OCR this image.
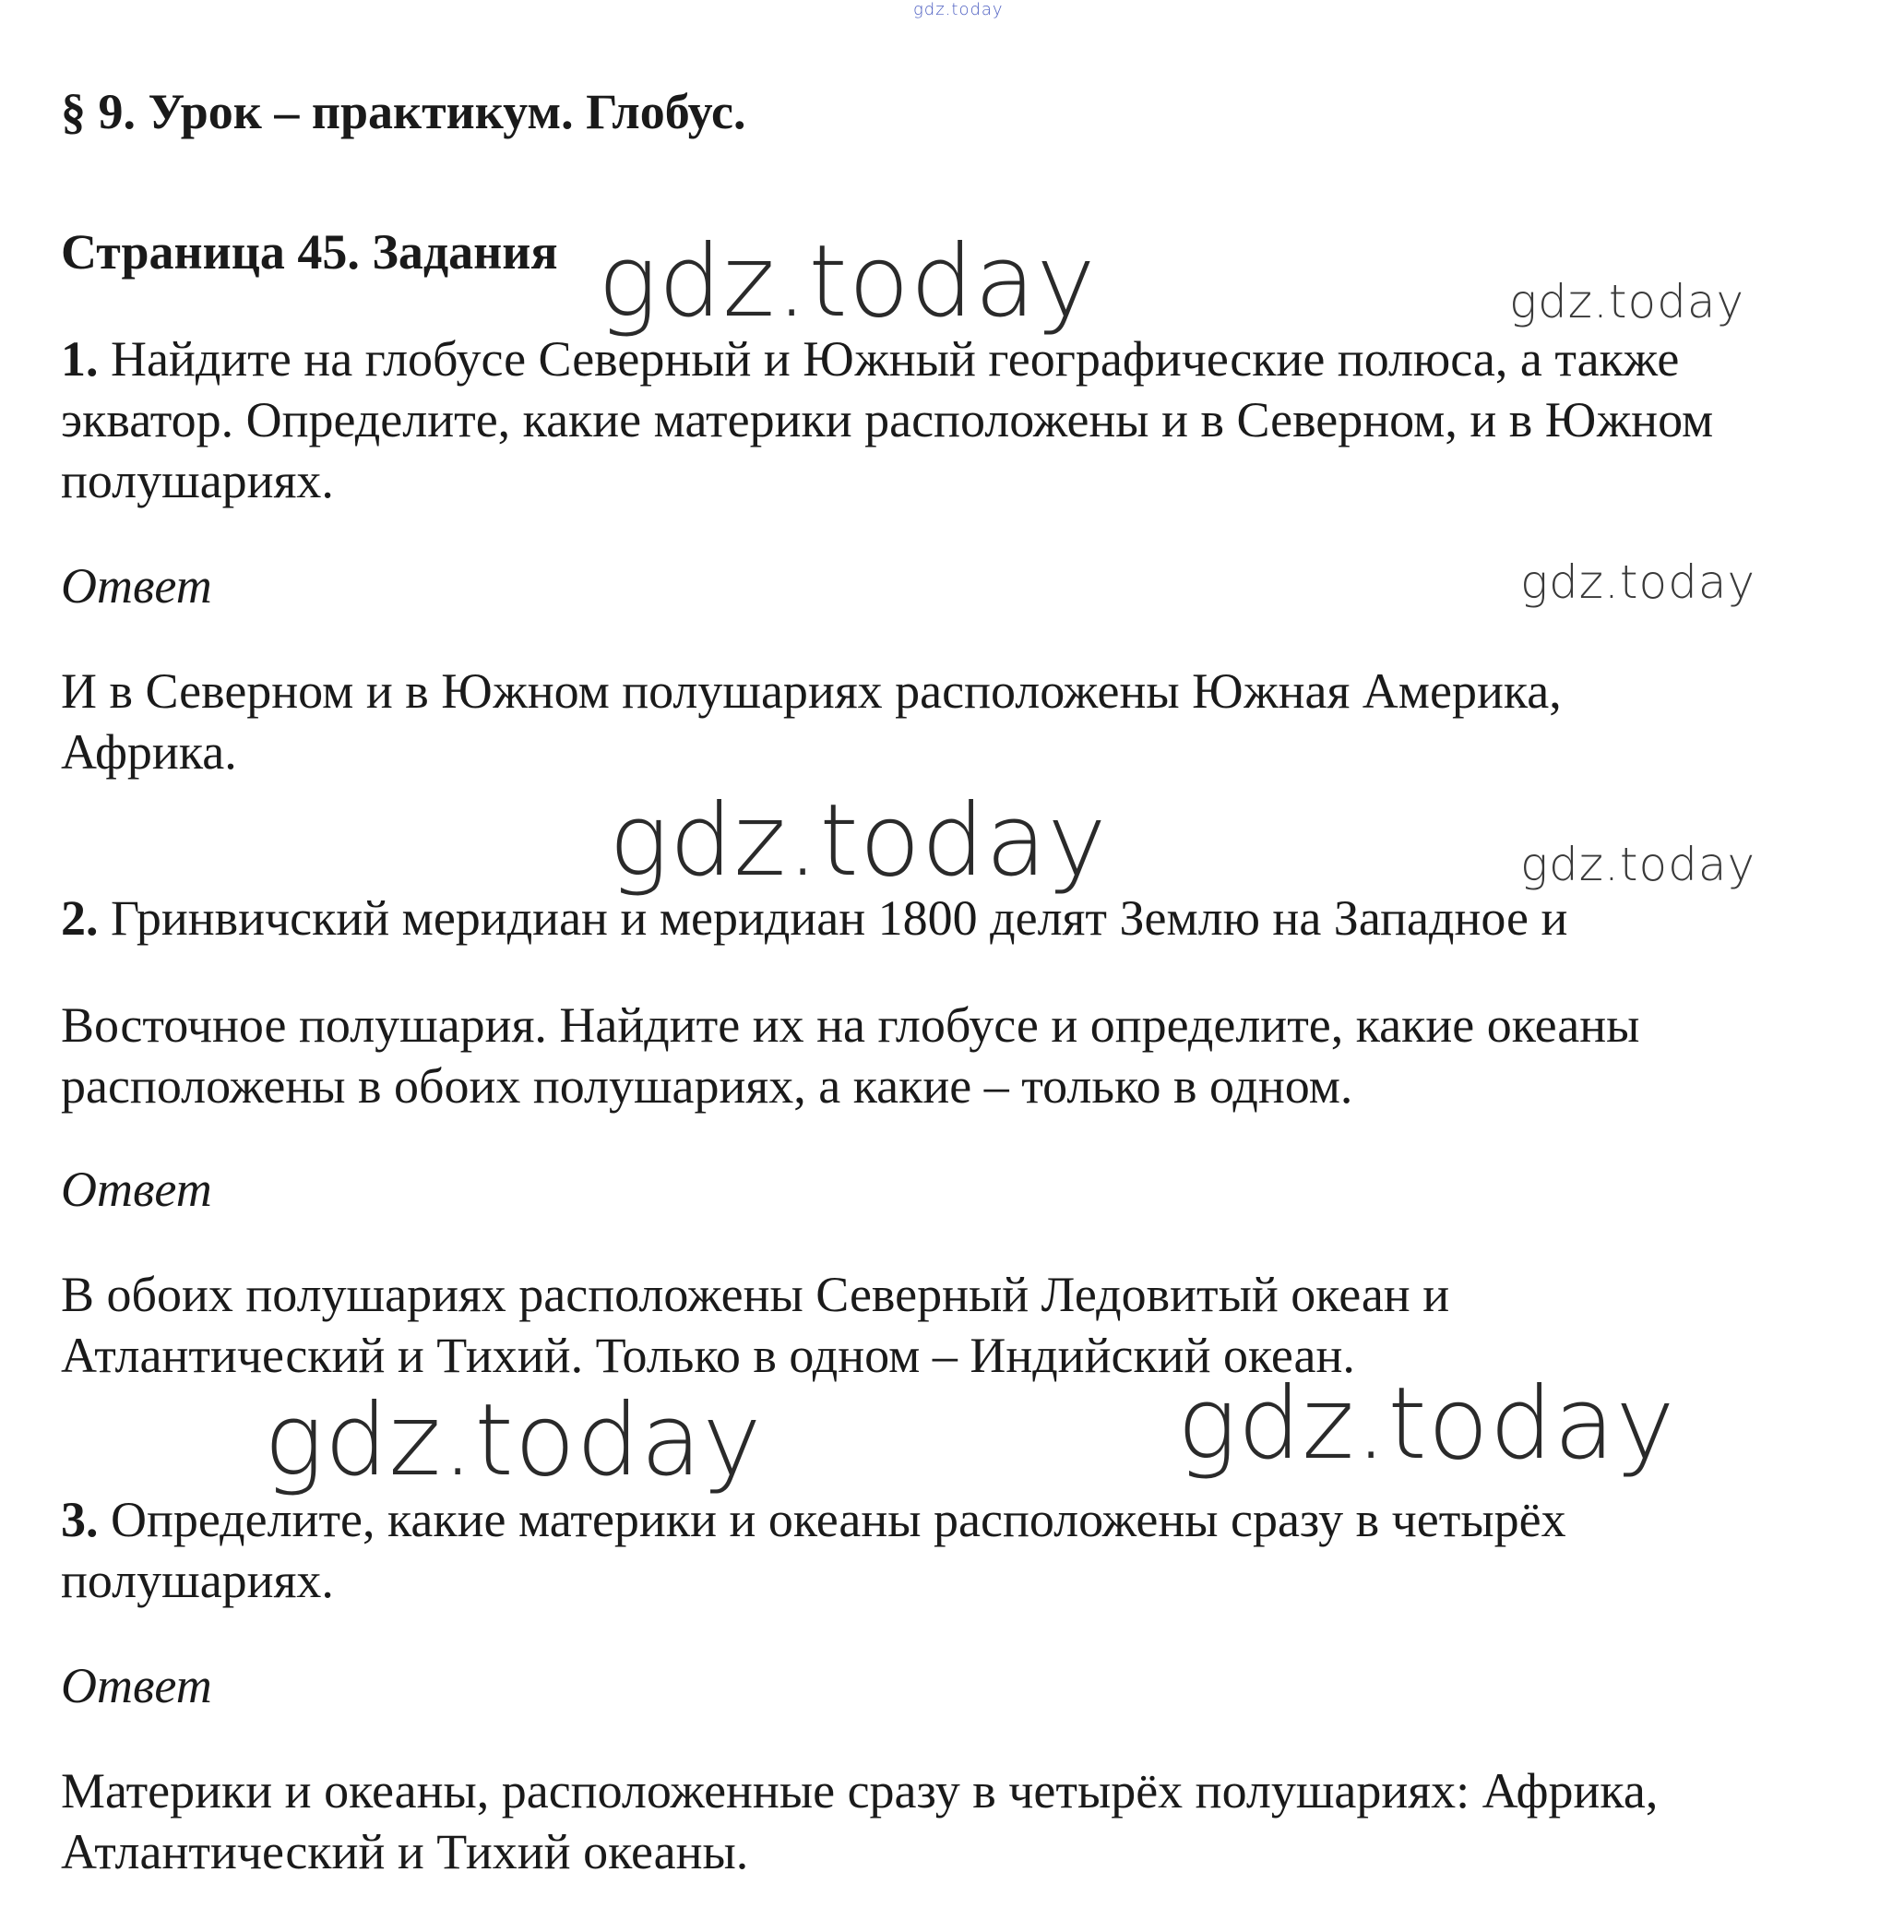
gdz.today

§ 9. Урок – практикум. Глобус.

Страница 45. Задания

1. Найдите на глобусе Северный и Южный географические полюса, а также

экватор. Определите, какие материки расположены и в Северном, и в Южном

полушариях.

Ответ

И в Северном и в Южном полушариях расположены Южная Америка,

Африка.

2. Гринвичский меридиан и меридиан 1800 делят Землю на Западное и

Восточное полушария. Найдите их на глобусе и определите, какие океаны

расположены в обоих полушариях, а какие – только в одном.

Ответ

В обоих полушариях расположены Северный Ледовитый океан и

Атлантический и Тихий. Только в одном – Индийский океан.

3. Определите, какие материки и океаны расположены сразу в четырёх

полушариях.

Ответ

Материки и океаны, расположенные сразу в четырёх полушариях: Африка,

Атлантический и Тихий океаны.

gdz.today	gdz.today
gdz.today
gdz.today	gdz.today
gdz.today	gdz.today
